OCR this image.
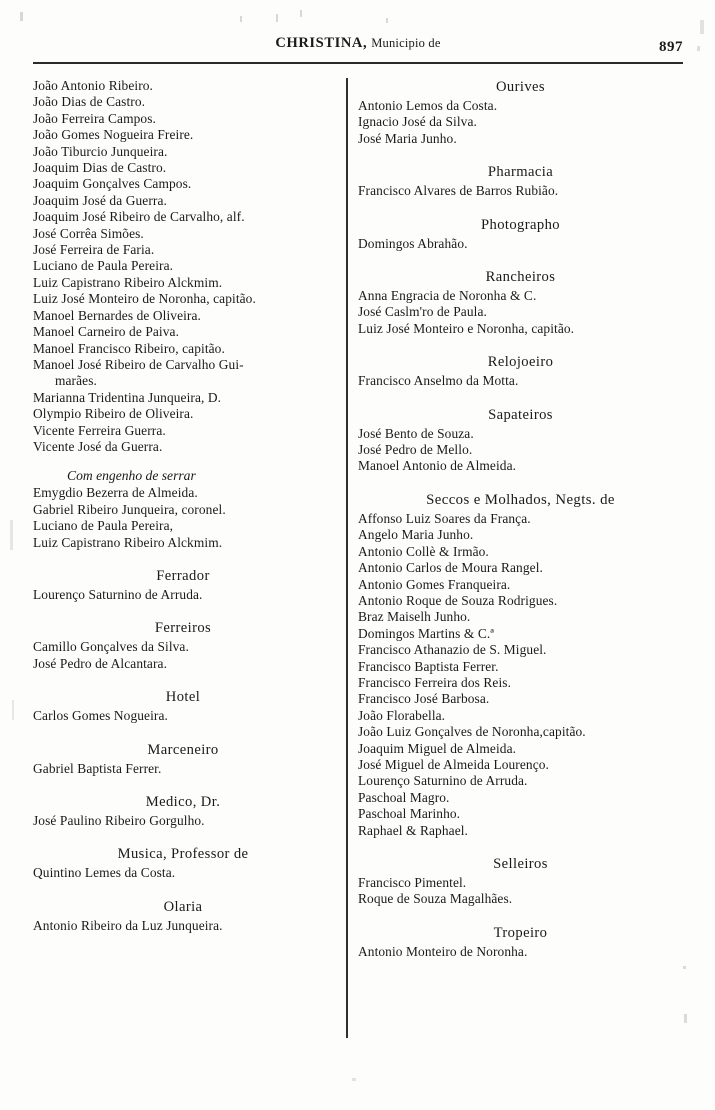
CHRISTINA, Municipio de	897
João Antonio Ribeiro.
João Dias de Castro.
João Ferreira Campos.
João Gomes Nogueira Freire.
João Tiburcio Junqueira.
Joaquim Dias de Castro.
Joaquim Gonçalves Campos.
Joaquim José da Guerra.
Joaquim José Ribeiro de Carvalho, alf.
José Corrêa Simões.
José Ferreira de Faria.
Luciano de Paula Pereira.
Luiz Capistrano Ribeiro Alckmim.
Luiz José Monteiro de Noronha, capitão.
Manoel Bernardes de Oliveira.
Manoel Carneiro de Paiva.
Manoel Francisco Ribeiro, capitão.
Manoel José Ribeiro de Carvalho Gui-
marães.
Marianna Tridentina Junqueira, D.
Olympio Ribeiro de Oliveira.
Vicente Ferreira Guerra.
Vicente José da Guerra.
Com engenho de serrar
Emygdio Bezerra de Almeida.
Gabriel Ribeiro Junqueira, coronel.
Luciano de Paula Pereira,
Luiz Capistrano Ribeiro Alckmim.
Ferrador
Lourenço Saturnino de Arruda.
Ferreiros
Camillo Gonçalves da Silva.
José Pedro de Alcantara.
Hotel
Carlos Gomes Nogueira.
Marceneiro
Gabriel Baptista Ferrer.
Medico, Dr.
José Paulino Ribeiro Gorgulho.
Musica, Professor de
Quintino Lemes da Costa.
Olaria
Antonio Ribeiro da Luz Junqueira.
Ourives
Antonio Lemos da Costa.
Ignacio José da Silva.
José Maria Junho.
Pharmacia
Francisco Alvares de Barros Rubião.
Photographo
Domingos Abrahão.
Rancheiros
Anna Engracia de Noronha & C.
José Caslm'ro de Paula.
Luiz José Monteiro e Noronha, capitão.
Relojoeiro
Francisco Anselmo da Motta.
Sapateiros
José Bento de Souza.
José Pedro de Mello.
Manoel Antonio de Almeida.
Seccos e Molhados, Negts. de
Affonso Luiz Soares da França.
Angelo Maria Junho.
Antonio Collè & Irmão.
Antonio Carlos de Moura Rangel.
Antonio Gomes Franqueira.
Antonio Roque de Souza Rodrigues.
Braz Maiselh Junho.
Domingos Martins & C.ª
Francisco Athanazio de S. Miguel.
Francisco Baptista Ferrer.
Francisco Ferreira dos Reis.
Francisco José Barbosa.
João Florabella.
João Luiz Gonçalves de Noronha,capitão.
Joaquim Miguel de Almeida.
José Miguel de Almeida Lourenço.
Lourenço Saturnino de Arruda.
Paschoal Magro.
Paschoal Marinho.
Raphael & Raphael.
Selleiros
Francisco Pimentel.
Roque de Souza Magalhães.
Tropeiro
Antonio Monteiro de Noronha.
